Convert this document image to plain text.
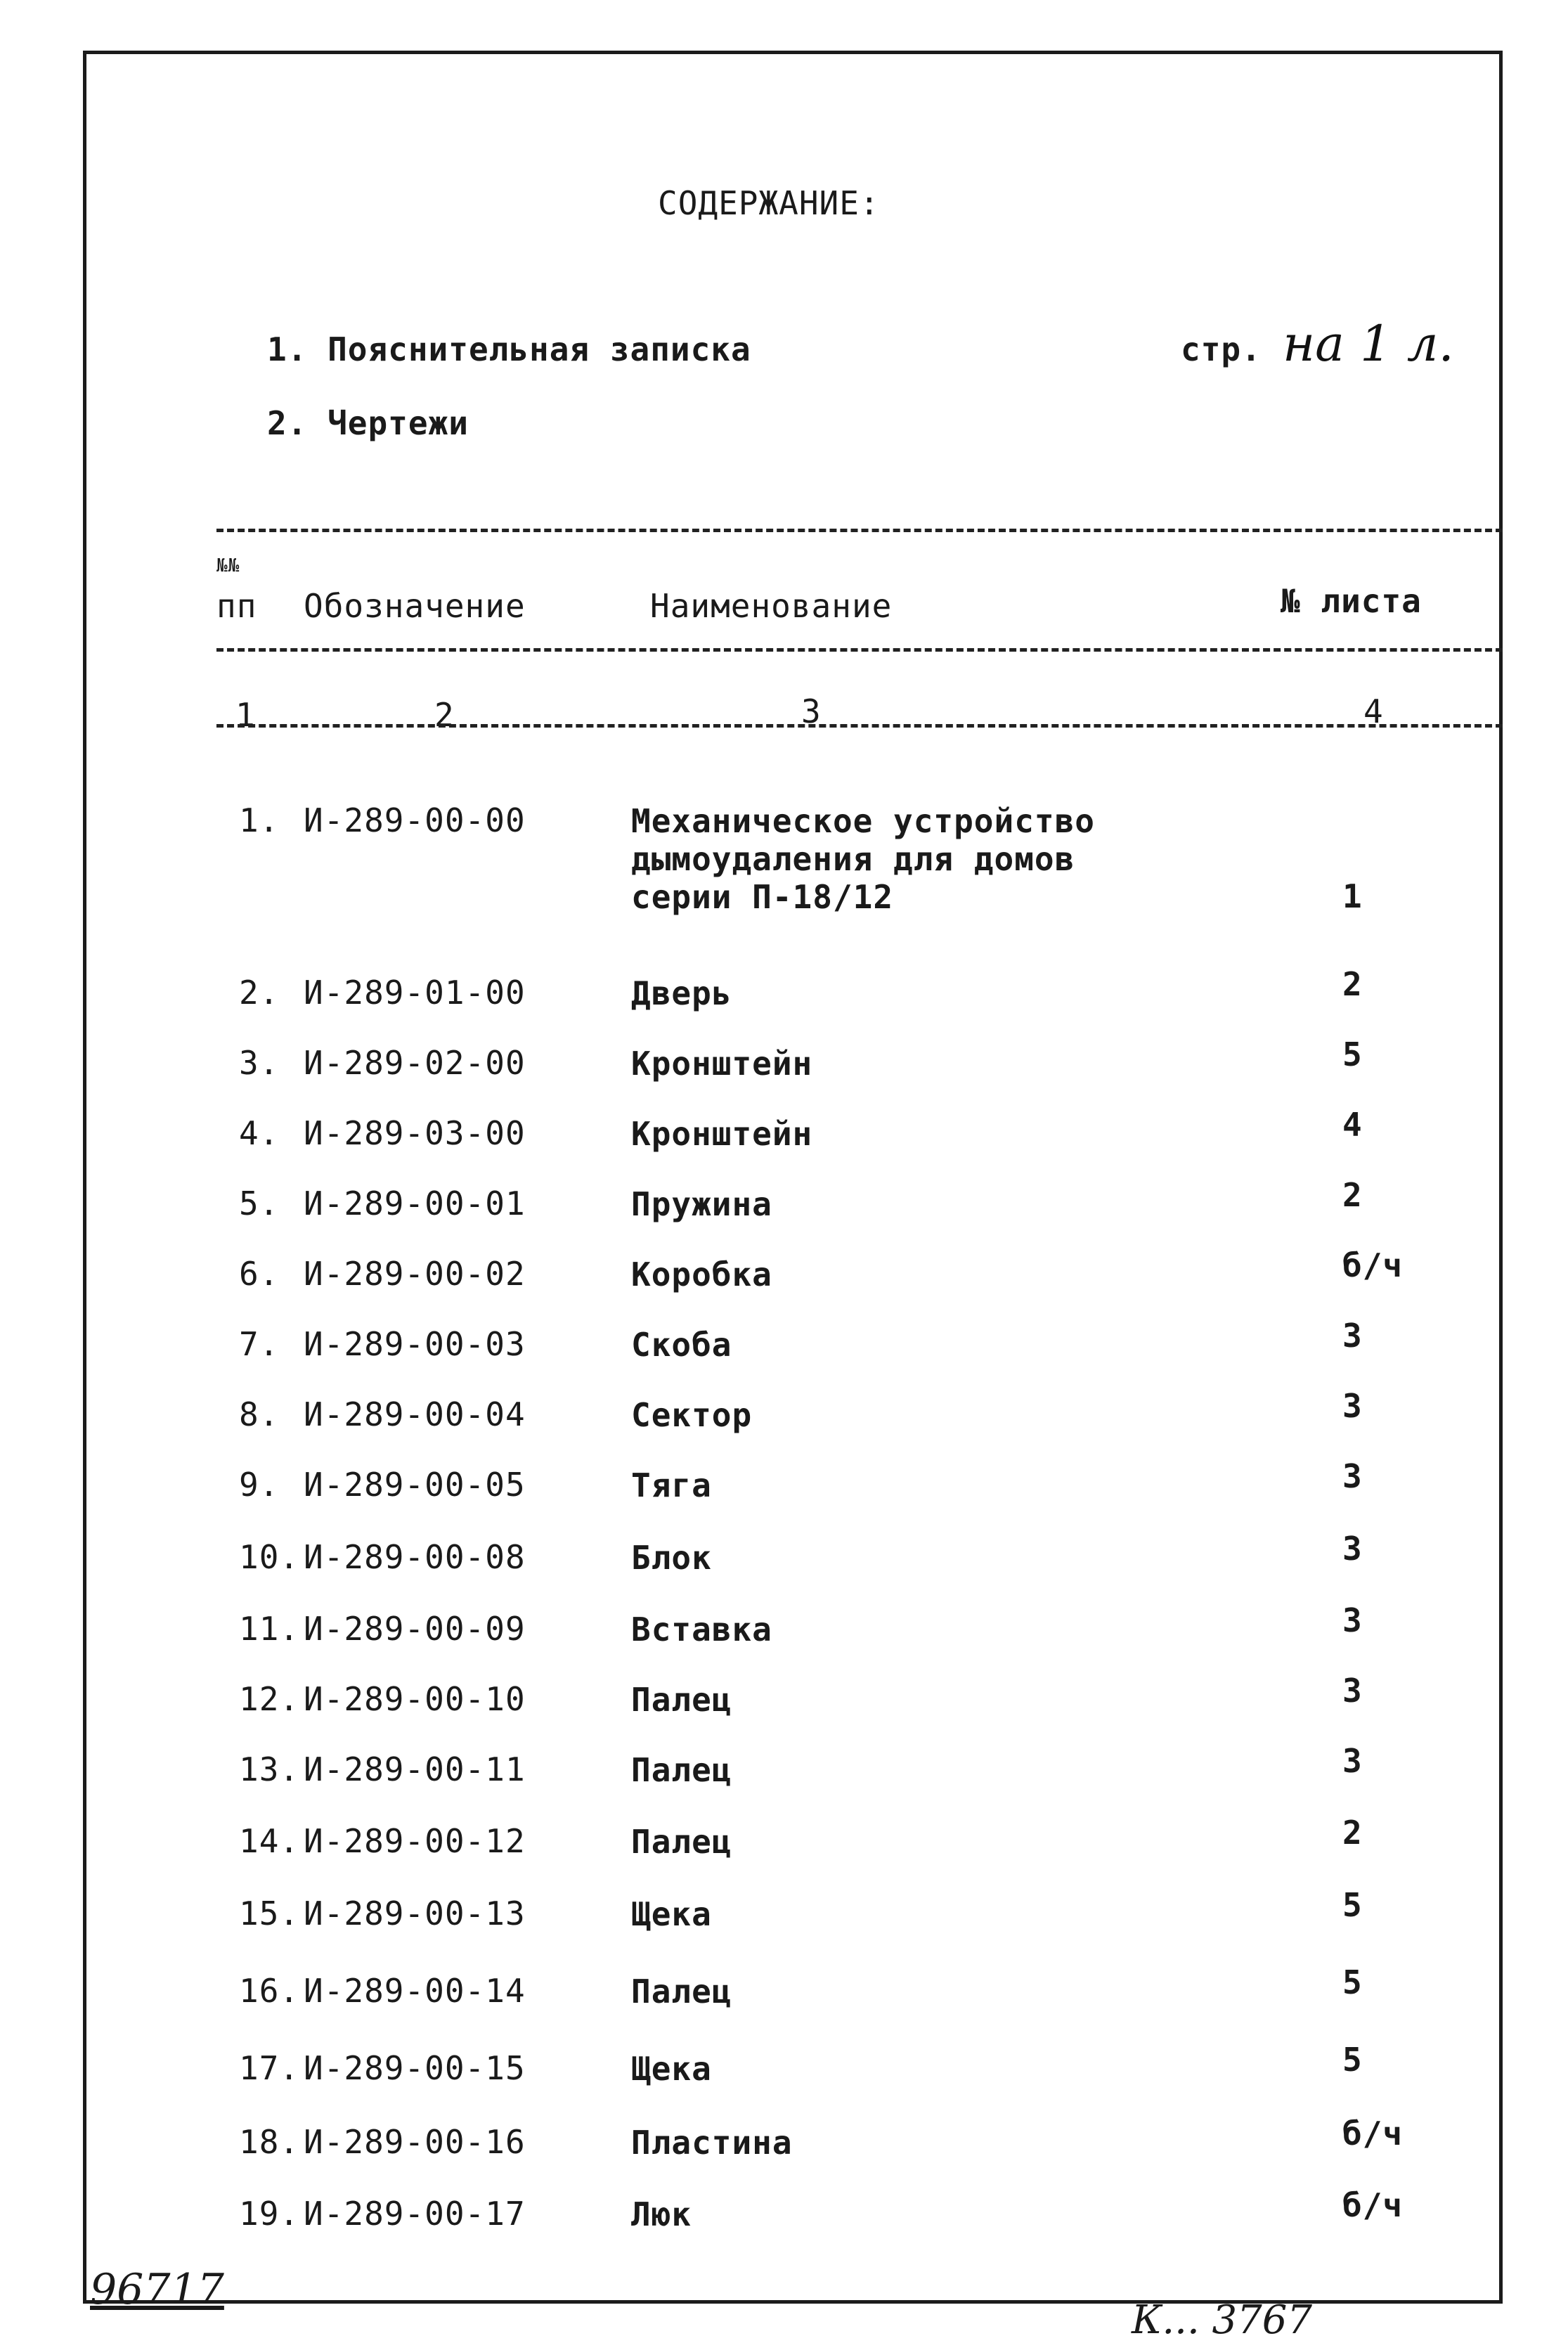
СОДЕРЖАНИЕ:
1. Пояснительная записка
2. Чертежи
стр. на 1 л.
№№
пп Обозначение	Наименование	№ листа
1	2	3	4
1. И-289-00-00	Механическое устройство
дымоудаления для домов
серии П-18/12	1
2. И-289-01-00	Дверь	2
3. И-289-02-00	Кронштейн	5
4. И-289-03-00	Кронштейн	4
5. И-289-00-01	Пружина	2
6. И-289-00-02	Коробка	б/ч
7. И-289-00-03	Скоба	3
8. И-289-00-04	Сектор	3
9. И-289-00-05	Тяга	3
10. И-289-00-08	Блок	3
11. И-289-00-09	Вставка	3
12. И-289-00-10	Палец	3
13. И-289-00-11	Палец	3
14. И-289-00-12	Палец	2
15. И-289-00-13	Щека	5
16. И-289-00-14	Палец	5
17. И-289-00-15	Щека	5
18. И-289-00-16	Пластина	б/ч
19. И-289-00-17	Люк	б/ч
96717
К... 3767
